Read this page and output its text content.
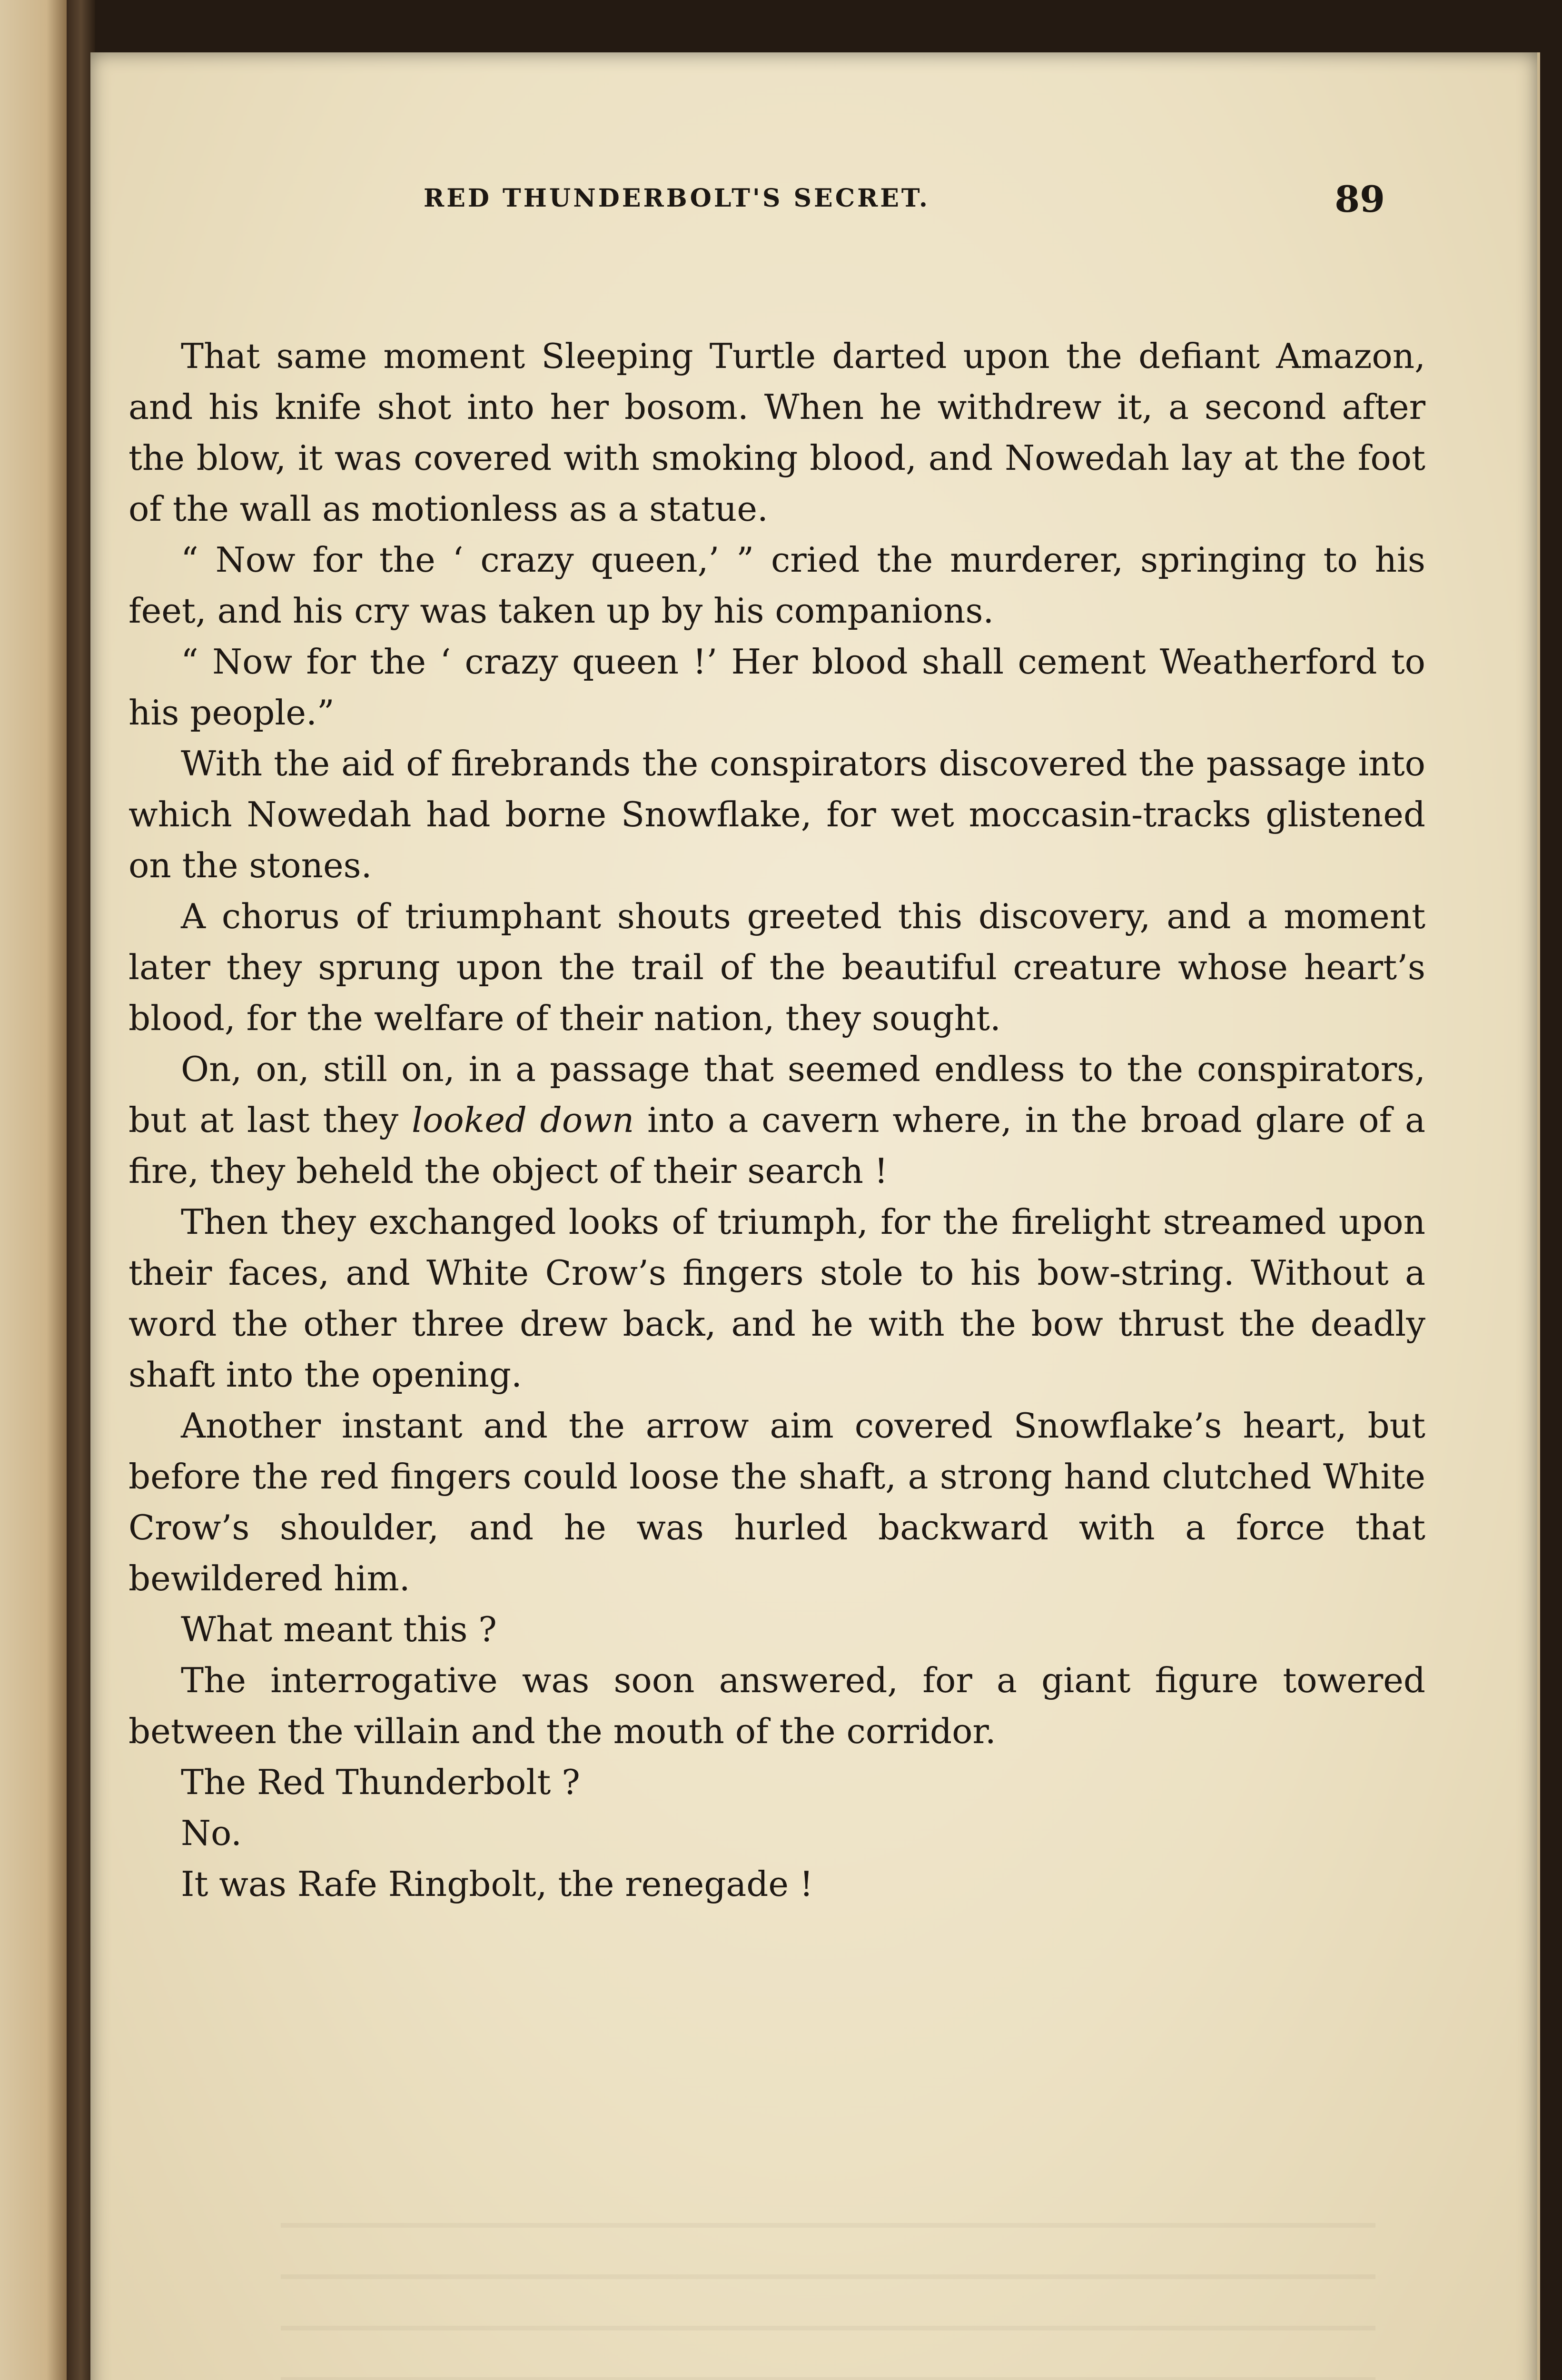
RED THUNDERBOLT'S SECRET.	89

That same moment Sleeping Turtle darted upon the defiant Amazon, and his knife shot into her bosom. When he withdrew it, a second after the blow, it was covered with smoking blood, and Nowedah lay at the foot of the wall as motionless as a statue.

“ Now for the ‘ crazy queen,’ ” cried the murderer, springing to his feet, and his cry was taken up by his companions.

“ Now for the ‘ crazy queen !’ Her blood shall cement Weatherford to his people.”

With the aid of firebrands the conspirators discovered the passage into which Nowedah had borne Snowflake, for wet moccasin-tracks glistened on the stones.

A chorus of triumphant shouts greeted this discovery, and a moment later they sprung upon the trail of the beautiful creature whose heart’s blood, for the welfare of their nation, they sought.

On, on, still on, in a passage that seemed endless to the conspirators, but at last they looked down into a cavern where, in the broad glare of a fire, they beheld the object of their search !

Then they exchanged looks of triumph, for the firelight streamed upon their faces, and White Crow’s fingers stole to his bow-string. Without a word the other three drew back, and he with the bow thrust the deadly shaft into the opening.

Another instant and the arrow aim covered Snowflake’s heart, but before the red fingers could loose the shaft, a strong hand clutched White Crow’s shoulder, and he was hurled backward with a force that bewildered him.

What meant this ?

The interrogative was soon answered, for a giant figure towered between the villain and the mouth of the corridor.

The Red Thunderbolt ?

No.

It was Rafe Ringbolt, the renegade !
